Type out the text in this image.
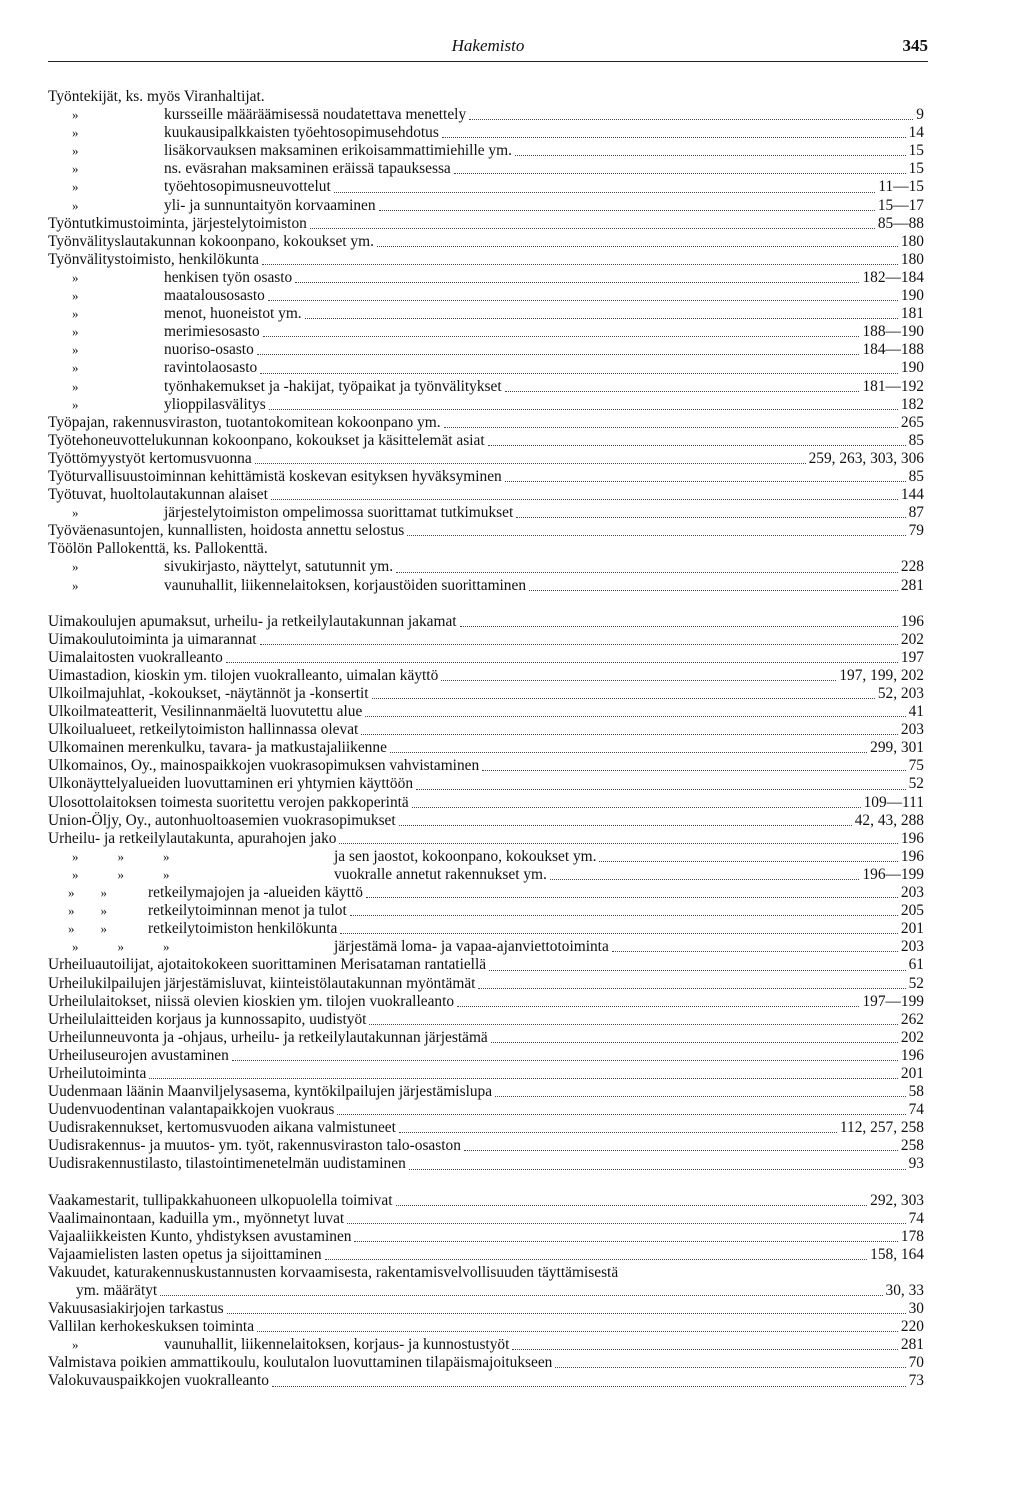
Hakemisto	345
Työntekijät, ks. myös Viranhaltijat.
»	kursseille määräämisessä noudatettava menettely	9
»	kuukausipalkkaisten työehtosopimusehdotus	14
»	lisäkorvauksen maksaminen erikoisammattimiehille ym.	15
»	ns. eväsrahan maksaminen eräissä tapauksessa	15
»	työehtosopimusneuvottelut	11—15
»	yli- ja sunnuntaityön korvaaminen	15—17
Työntutkimustoiminta, järjestelytoimiston	85—88
Työnvälityslautakunnan kokoonpano, kokoukset ym.	180
Työnvälitystoimisto, henkilökunta	180
»	henkisen työn osasto	182—184
»	maatalousosasto	190
»	menot, huoneistot ym.	181
»	merimiesosasto	188—190
»	nuoriso-osasto	184—188
»	ravintolaosasto	190
»	työnhakemukset ja -hakijat, työpaikat ja työnvälitykset	181—192
»	ylioppilasvälitys	182
Työpajan, rakennusviraston, tuotantokomitean kokoonpano ym.	265
Työtehoneuvottelukunnan kokoonpano, kokoukset ja käsittelemät asiat	85
Työttömyystyöt kertomusvuonna	259, 263, 303, 306
Työturvallisuustoiminnan kehittämistä koskevan esityksen hyväksyminen	85
Työtuvat, huoltolautakunnan alaiset	144
»	järjestelytoimiston ompelimossa suorittamat tutkimukset	87
Työväenasuntojen, kunnallisten, hoidosta annettu selostus	79
Töölön Pallokenttä, ks. Pallokenttä.
»	sivukirjasto, näyttelyt, satutunnit ym.	228
»	vaunuhallit, liikennelaitoksen, korjaustöiden suorittaminen	281
Uimakoulujen apumaksut, urheilu- ja retkeilylautakunnan jakamat	196
Uimakoulutoiminta ja uimarannat	202
Uimalaitosten vuokralleanto	197
Uimastadion, kioskin ym. tilojen vuokralleanto, uimalan käyttö	197, 199, 202
Ulkoilmajuhlat, -kokoukset, -näytännöt ja -konsertit	52, 203
Ulkoilmateatterit, Vesilinnanmäeltä luovutettu alue	41
Ulkoilualueet, retkeilytoimiston hallinnassa olevat	203
Ulkomainen merenkulku, tavara- ja matkustajaliikenne	299, 301
Ulkomainos, Oy., mainospaikkojen vuokrasopimuksen vahvistaminen	75
Ulkonäyttelyalueiden luovuttaminen eri yhtymien käyttöön	52
Ulosottolaitoksen toimesta suoritettu verojen pakkoperintä	109—111
Union-Öljy, Oy., autonhuoltoasemien vuokrasopimukset	42, 43, 288
Urheilu- ja retkeilylautakunta, apurahojen jako	196
»   »   »	ja sen jaostot, kokoonpano, kokoukset ym.	196
»   »   »	vuokralle annetut rakennukset ym.	196—199
»  »	retkeilymajojen ja -alueiden käyttö	203
»  »	retkeilytoiminnan menot ja tulot	205
»  »	retkeilytoimiston henkilökunta	201
»   »   »	järjestämä loma- ja vapaa-ajanviettotoiminta	203
Urheiluautoilijat, ajotaitokokeen suorittaminen Merisataman rantatiellä	61
Urheilukilpailujen järjestämisluvat, kiinteistölautakunnan myöntämät	52
Urheilulaitokset, niissä olevien kioskien ym. tilojen vuokralleanto	197—199
Urheilulaitteiden korjaus ja kunnossapito, uudistyöt	262
Urheilunneuvonta ja -ohjaus, urheilu- ja retkeilylautakunnan järjestämä	202
Urheiluseurojen avustaminen	196
Urheilutoiminta	201
Uudenmaan läänin Maanviljelysasema, kyntökilpailujen järjestämislupa	58
Uudenvuodentinan valantapaikkojen vuokraus	74
Uudisrakennukset, kertomusvuoden aikana valmistuneet	112, 257, 258
Uudisrakennus- ja muutos- ym. työt, rakennusviraston talo-osaston	258
Uudisrakennustilasto, tilastointimenetelmän uudistaminen	93
Vaakamestarit, tullipakkahuoneen ulkopuolella toimivat	292, 303
Vaalimainontaan, kaduilla ym., myönnetyt luvat	74
Vajaaliikkeisten Kunto, yhdistyksen avustaminen	178
Vajaamielisten lasten opetus ja sijoittaminen	158, 164
Vakuudet, katurakennuskustannusten korvaamisesta, rakentamisvelvollisuuden täyttämisestä
ym. määrätyt	30, 33
Vakuusasiakirjojen tarkastus	30
Vallilan kerhokeskuksen toiminta	220
»	vaunuhallit, liikennelaitoksen, korjaus- ja kunnostustyöt	281
Valmistava poikien ammattikoulu, koulutalon luovuttaminen tilapäismajoitukseen	70
Valokuvauspaikkojen vuokralleanto	73
